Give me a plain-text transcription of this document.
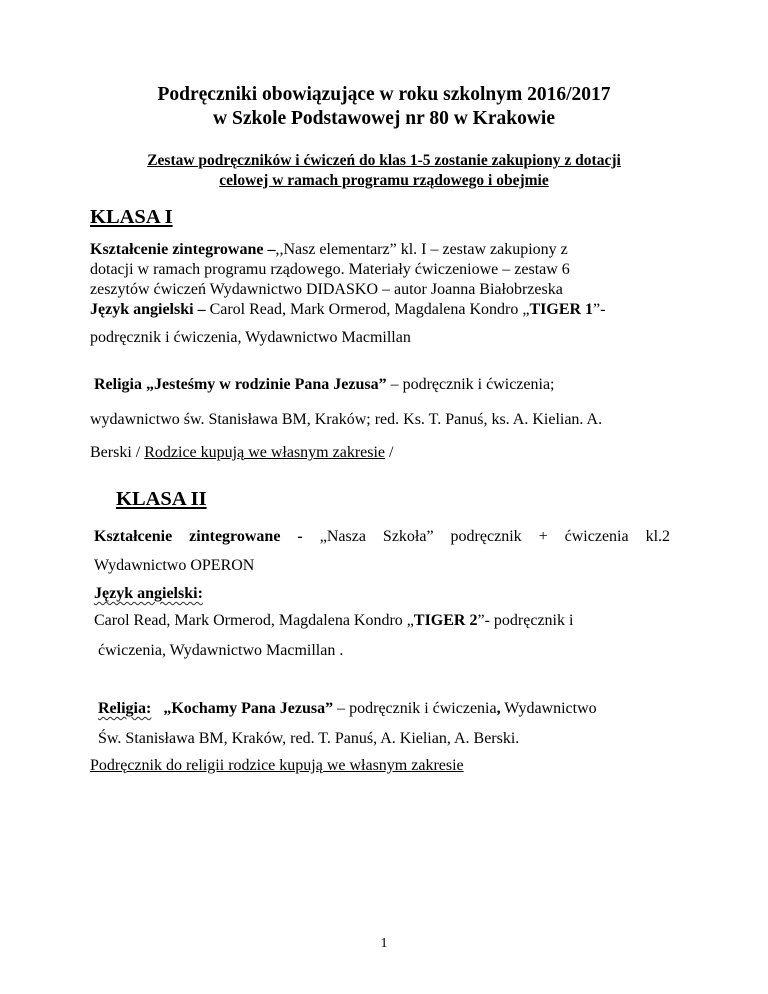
Podręczniki obowiązujące w roku szkolnym 2016/2017
w Szkole Podstawowej nr 80 w Krakowie
Zestaw podręczników i ćwiczeń do klas 1-5 zostanie zakupiony z dotacji
celowej w ramach programu rządowego i obejmie
KLASA I
Kształcenie zintegrowane –,,Nasz elementarz” kl. I – zestaw zakupiony z
dotacji w ramach programu rządowego. Materiały ćwiczeniowe – zestaw 6
zeszytów ćwiczeń Wydawnictwo DIDASKO – autor Joanna Białobrzeska
Język angielski – Carol Read, Mark Ormerod, Magdalena Kondro „TIGER 1”-
podręcznik i ćwiczenia, Wydawnictwo Macmillan
Religia „Jesteśmy w rodzinie Pana Jezusa” – podręcznik i ćwiczenia;
wydawnictwo św. Stanisława BM, Kraków; red. Ks. T. Panuś, ks. A. Kielian. A.
Berski / Rodzice kupują we własnym zakresie /
KLASA II
Kształcenie zintegrowane - „Nasza Szkoła” podręcznik + ćwiczenia kl.2
Wydawnictwo OPERON
Język angielski:
Carol Read, Mark Ormerod, Magdalena Kondro „TIGER 2”- podręcznik i
ćwiczenia, Wydawnictwo Macmillan .
Religia: „Kochamy Pana Jezusa” – podręcznik i ćwiczenia, Wydawnictwo
Św. Stanisława BM, Kraków, red. T. Panuś, A. Kielian, A. Berski.
Podręcznik do religii rodzice kupują we własnym zakresie
1
